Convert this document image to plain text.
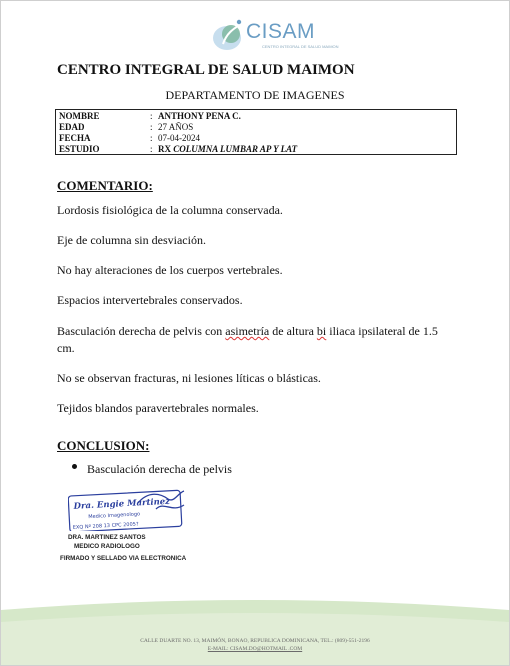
CISAM
CENTRO INTEGRAL DE SALUD MAIMON
CENTRO INTEGRAL DE SALUD MAIMON
DEPARTAMENTO DE IMAGENES
NOMBRE	: ANTHONY PENA C.
EDAD	: 27 AÑOS
FECHA	: 07-04-2024
ESTUDIO	: RX COLUMNA LUMBAR AP Y LAT
COMENTARIO:
Lordosis fisiológica de la columna conservada.
Eje de columna sin desviación.
No hay alteraciones de los cuerpos vertebrales.
Espacios intervertebrales conservados.
Basculación derecha de pelvis con asimetría de altura bi iliaca ipsilateral de 1.5 cm.
No se observan fracturas, ni lesiones líticas o blásticas.
Tejidos blandos paravertebrales normales.
CONCLUSION:
Basculación derecha de pelvis
Dra. Engie Martinez
Medico Imagenologo
EXQ Nº 208 13 CPC 2005?
DRA. MARTINEZ SANTOS
MEDICO RADIOLOGO
FIRMADO Y SELLADO VIA ELECTRONICA
CALLE DUARTE NO. 13, MAIMÓN, BONAO, REPUBLICA DOMINICANA, TEL.: (809)-551-2196
E-MAIL: CISAM.DO@HOTMAIL .COM
